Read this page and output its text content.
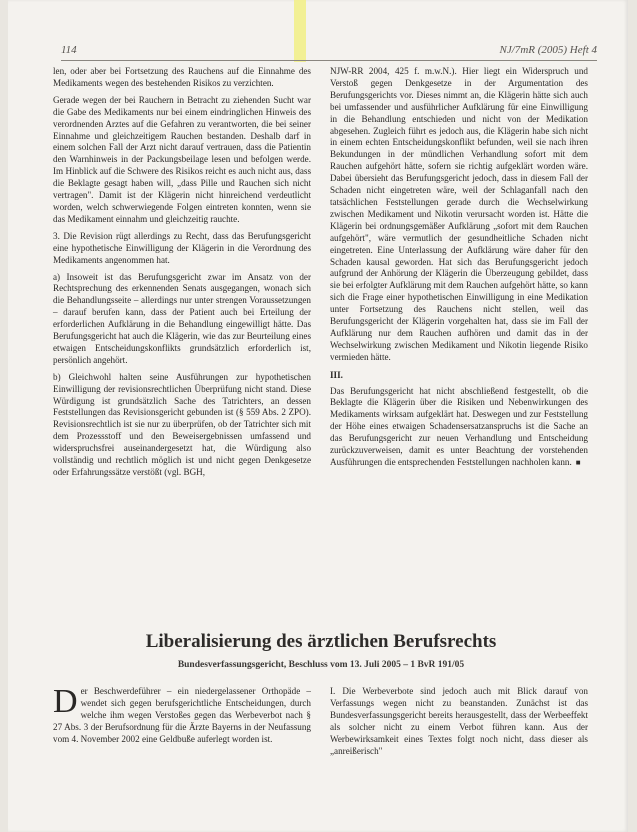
114	NJ/7mR (2005) Heft 4

len, oder aber bei Fortsetzung des Rauchens auf die Einnahme des Medikaments wegen des bestehenden Risikos zu verzichten.

Gerade wegen der bei Rauchern in Betracht zu ziehenden Sucht war die Gabe des Medikaments nur bei einem eindringlichen Hinweis des verordnenden Arztes auf die Gefahren zu verantworten, die bei seiner Einnahme und gleichzeitigem Rauchen bestanden. Deshalb darf in einem solchen Fall der Arzt nicht darauf vertrauen, dass die Patientin den Warnhinweis in der Packungsbeilage lesen und befolgen werde. Im Hinblick auf die Schwere des Risikos reicht es auch nicht aus, dass die Beklagte gesagt haben will, „dass Pille und Rauchen sich nicht vertragen". Damit ist der Klägerin nicht hinreichend verdeutlicht worden, welch schwerwiegende Folgen eintreten konnten, wenn sie das Medikament einnahm und gleichzeitig rauchte.

3. Die Revision rügt allerdings zu Recht, dass das Berufungsgericht eine hypothetische Einwilligung der Klägerin in die Verordnung des Medikaments angenommen hat.

a) Insoweit ist das Berufungsgericht zwar im Ansatz von der Rechtsprechung des erkennenden Senats ausgegangen, wonach sich die Behandlungsseite – allerdings nur unter strengen Voraussetzungen – darauf berufen kann, dass der Patient auch bei Erteilung der erforderlichen Aufklärung in die Behandlung eingewilligt hätte. Das Berufungsgericht hat auch die Klägerin, wie das zur Beurteilung eines etwaigen Entscheidungskonflikts grundsätzlich erforderlich ist, persönlich angehört.

b) Gleichwohl halten seine Ausführungen zur hypothetischen Einwilligung der revisionsrechtlichen Überprüfung nicht stand. Diese Würdigung ist grundsätzlich Sache des Tatrichters, an dessen Feststellungen das Revisionsgericht gebunden ist (§ 559 Abs. 2 ZPO). Revisionsrechtlich ist sie nur zu überprüfen, ob der Tatrichter sich mit dem Prozessstoff und den Beweisergebnissen umfassend und widerspruchsfrei auseinandergesetzt hat, die Würdigung also vollständig und rechtlich möglich ist und nicht gegen Denkgesetze oder Erfahrungssätze verstößt (vgl. BGH,

NJW-RR 2004, 425 f. m.w.N.). Hier liegt ein Widerspruch und Verstoß gegen Denkgesetze in der Argumentation des Berufungsgerichts vor. Dieses nimmt an, die Klägerin hätte sich auch bei umfassender und ausführlicher Aufklärung für eine Einwilligung in die Behandlung entschieden und nicht von der Medikation abgesehen. Zugleich führt es jedoch aus, die Klägerin habe sich nicht in einem echten Entscheidungskonflikt befunden, weil sie nach ihren Bekundungen in der mündlichen Verhandlung sofort mit dem Rauchen aufgehört hätte, sofern sie richtig aufgeklärt worden wäre. Dabei übersieht das Berufungsgericht jedoch, dass in diesem Fall der Schaden nicht eingetreten wäre, weil der Schlaganfall nach den tatsächlichen Feststellungen gerade durch die Wechselwirkung zwischen Medikament und Nikotin verursacht worden ist. Hätte die Klägerin bei ordnungsgemäßer Aufklärung „sofort mit dem Rauchen aufgehört", wäre vermutlich der gesundheitliche Schaden nicht eingetreten. Eine Unterlassung der Aufklärung wäre daher für den Schaden kausal geworden. Hat sich das Berufungsgericht jedoch aufgrund der Anhörung der Klägerin die Überzeugung gebildet, dass sie bei erfolgter Aufklärung mit dem Rauchen aufgehört hätte, so kann sich die Frage einer hypothetischen Einwilligung in eine Medikation unter Fortsetzung des Rauchens nicht stellen, weil das Berufungsgericht der Klägerin vorgehalten hat, dass sie im Fall der Aufklärung nur dem Rauchen aufhören und damit das in der Wechselwirkung zwischen Medikament und Nikotin liegende Risiko vermieden hätte.

III.

Das Berufungsgericht hat nicht abschließend festgestellt, ob die Beklagte die Klägerin über die Risiken und Nebenwirkungen des Medikaments wirksam aufgeklärt hat. Deswegen und zur Feststellung der Höhe eines etwaigen Schadensersatzanspruchs ist die Sache an das Berufungsgericht zur neuen Verhandlung und Entscheidung zurückzuverweisen, damit es unter Beachtung der vorstehenden Ausführungen die entsprechenden Feststellungen nachholen kann. ■

Liberalisierung des ärztlichen Berufsrechts
Bundesverfassungsgericht, Beschluss vom 13. Juli 2005 – 1 BvR 191/05

Der Beschwerdeführer – ein niedergelassener Orthopäde – wendet sich gegen berufsgerichtliche Entscheidungen, durch welche ihm wegen Verstoßes gegen das Werbeverbot nach § 27 Abs. 3 der Berufsordnung für die Ärzte Bayerns in der Neufassung vom 4. November 2002 eine Geldbuße auferlegt worden ist.

I. Die Werbeverbote sind jedoch auch mit Blick darauf von Verfassungs wegen nicht zu beanstanden. Zunächst ist das Bundesverfassungsgericht bereits herausgestellt, dass der Werbeeffekt als solcher nicht zu einem Verbot führen kann. Aus der Werbewirksamkeit eines Textes folgt noch nicht, dass dieser als „anreißerisch"
